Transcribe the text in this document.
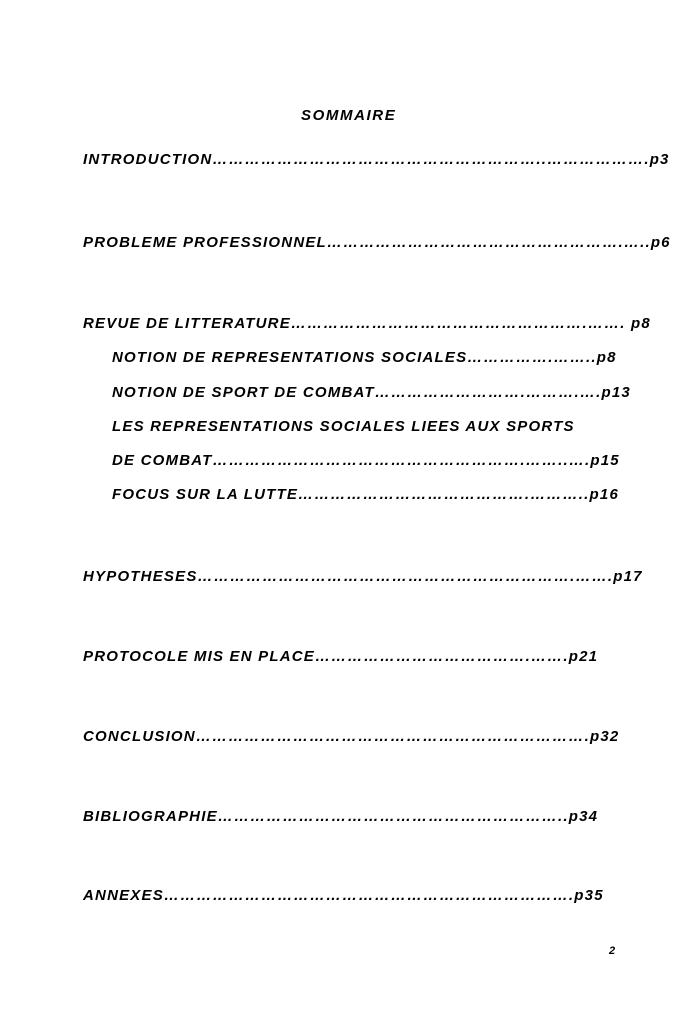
SOMMAIRE

INTRODUCTION……………………………………………………..……………….p3

PROBLEME PROFESSIONNEL……………………………………………….…..p6

REVUE DE LITTERATURE……………………………………………….……. p8

NOTION DE REPRESENTATIONS SOCIALES…………….……..p8

NOTION DE SPORT DE COMBAT……………………….……….….p13

LES REPRESENTATIONS SOCIALES LIEES AUX SPORTS

DE COMBAT………………………………………………….……..….p15

FOCUS SUR LA LUTTE…………………………………….………..p16

HYPOTHESES…………………………………………………………….…….p17

PROTOCOLE MIS EN PLACE………………………………….…….p21

CONCLUSION……………………………………………………………….p32

BIBLIOGRAPHIE………………………………………………………..p34

ANNEXES………………………………………………………………….p35

2
